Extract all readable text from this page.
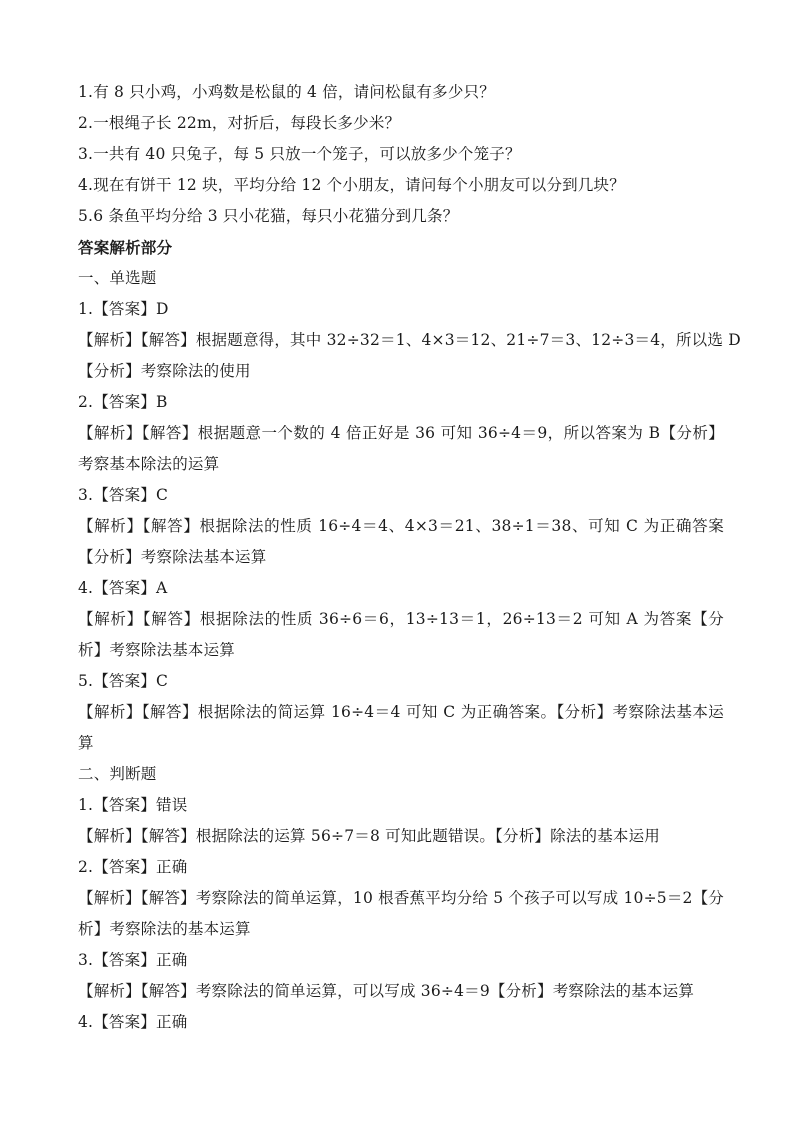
1.有 8 只小鸡，小鸡数是松鼠的 4 倍，请问松鼠有多少只？

2.一根绳子长 22m，对折后，每段长多少米？

3.一共有 40 只兔子，每 5 只放一个笼子，可以放多少个笼子？

4.现在有饼干 12 块，平均分给 12 个小朋友，请问每个小朋友可以分到几块？

5.6 条鱼平均分给 3 只小花猫，每只小花猫分到几条？

答案解析部分

一、单选题

1.【答案】D

【解析】【解答】根据题意得，其中 32÷32＝1、4×3＝12、21÷7＝3、12÷3＝4，所以选 D

【分析】考察除法的使用

2.【答案】B

【解析】【解答】根据题意一个数的 4 倍正好是 36 可知 36÷4＝9，所以答案为 B【分析】考察基本除法的运算

3.【答案】C

【解析】【解答】根据除法的性质 16÷4＝4、4×3＝21、38÷1＝38、可知 C 为正确答案【分析】考察除法基本运算

4.【答案】A

【解析】【解答】根据除法的性质 36÷6＝6，13÷13＝1，26÷13＝2 可知 A 为答案【分析】考察除法基本运算

5.【答案】C

【解析】【解答】根据除法的简运算 16÷4＝4 可知 C 为正确答案。【分析】考察除法基本运算

二、判断题

1.【答案】错误

【解析】【解答】根据除法的运算 56÷7＝8 可知此题错误。【分析】除法的基本运用

2.【答案】正确

【解析】【解答】考察除法的简单运算，10 根香蕉平均分给 5 个孩子可以写成 10÷5＝2【分析】考察除法的基本运算

3.【答案】正确

【解析】【解答】考察除法的简单运算，可以写成 36÷4＝9【分析】考察除法的基本运算

4.【答案】正确
